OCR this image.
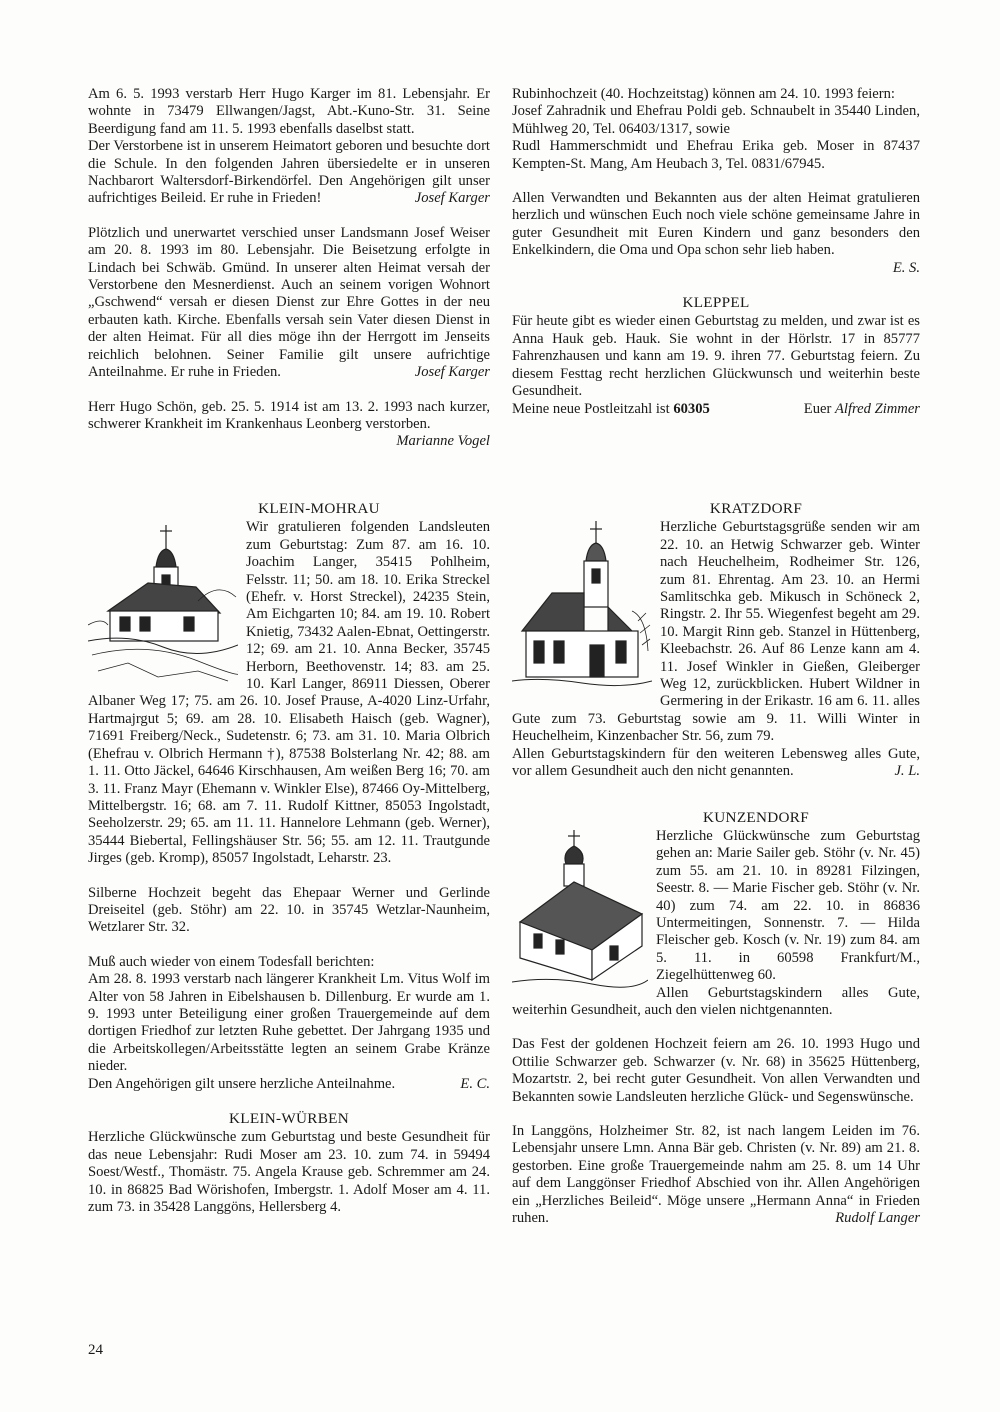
Am 6. 5. 1993 verstarb Herr Hugo Karger im 81. Lebensjahr. Er wohnte in 73479 Ellwangen/Jagst, Abt.-Kuno-Str. 31. Seine Beerdigung fand am 11. 5. 1993 ebenfalls daselbst statt.

Der Verstorbene ist in unserem Heimatort geboren und besuchte dort die Schule. In den folgenden Jahren übersiedelte er in unseren Nachbarort Waltersdorf-Birkendörfel. Den Angehörigen gilt unser aufrichtiges Beileid. Er ruhe in Frieden!	Josef Karger

Plötzlich und unerwartet verschied unser Landsmann Josef Weiser am 20. 8. 1993 im 80. Lebensjahr. Die Beisetzung erfolgte in Lindach bei Schwäb. Gmünd. In unserer alten Heimat versah der Verstorbene den Mesnerdienst. Auch an seinem vorigen Wohnort „Gschwend“ versah er diesen Dienst zur Ehre Gottes in der neu erbauten kath. Kirche. Ebenfalls versah sein Vater diesen Dienst in der alten Heimat. Für all dies möge ihn der Herrgott im Jenseits reichlich belohnen. Seiner Familie gilt unsere aufrichtige Anteilnahme. Er ruhe in Frieden.	Josef Karger

Herr Hugo Schön, geb. 25. 5. 1914 ist am 13. 2. 1993 nach kurzer, schwerer Krankheit im Krankenhaus Leonberg verstorben.

Marianne Vogel

KLEIN-MOHRAU

Wir gratulieren folgenden Landsleuten zum Geburtstag: Zum 87. am 16. 10. Joachim Langer, 35415 Pohlheim, Felsstr. 11; 50. am 18. 10. Erika Streckel (Ehefr. v. Horst Streckel), 24235 Stein, Am Eichgarten 10; 84. am 19. 10. Robert Knietig, 73432 Aalen-Ebnat, Oettingerstr. 12; 69. am 21. 10. Anna Becker, 35745 Herborn, Beethovenstr. 14; 83. am 25. 10. Karl Langer, 86911 Diessen, Oberer Albaner Weg 17; 75. am 26. 10. Josef Prause, A-4020 Linz-Urfahr, Hartmajrgut 5; 69. am 28. 10. Elisabeth Haisch (geb. Wagner), 71691 Freiberg/Neck., Sudetenstr. 6; 73. am 31. 10. Maria Olbrich (Ehefrau v. Olbrich Hermann †), 87538 Bolsterlang Nr. 42; 88. am 1. 11. Otto Jäckel, 64646 Kirschhausen, Am weißen Berg 16; 70. am 3. 11. Franz Mayr (Ehemann v. Winkler Else), 87466 Oy-Mittelberg, Mittelbergstr. 16; 68. am 7. 11. Rudolf Kittner, 85053 Ingolstadt, Seeholzerstr. 29; 65. am 11. 11. Hannelore Lehmann (geb. Werner), 35444 Biebertal, Fellingshäuser Str. 56; 55. am 12. 11. Trautgunde Jirges (geb. Kromp), 85057 Ingolstadt, Leharstr. 23.

Silberne Hochzeit begeht das Ehepaar Werner und Gerlinde Dreiseitel (geb. Stöhr) am 22. 10. in 35745 Wetzlar-Naunheim, Wetzlarer Str. 32.

Muß auch wieder von einem Todesfall berichten:

Am 28. 8. 1993 verstarb nach längerer Krankheit Lm. Vitus Wolf im Alter von 58 Jahren in Eibelshausen b. Dillenburg. Er wurde am 1. 9. 1993 unter Beteiligung einer großen Trauergemeinde auf dem dortigen Friedhof zur letzten Ruhe gebettet. Der Jahrgang 1935 und die Arbeitskollegen/Arbeitsstätte legten an seinem Grabe Kränze nieder.

Den Angehörigen gilt unsere herzliche Anteilnahme.	E. C.

KLEIN-WÜRBEN

Herzliche Glückwünsche zum Geburtstag und beste Gesundheit für das neue Lebensjahr: Rudi Moser am 23. 10. zum 74. in 59494 Soest/Westf., Thomästr. 75. Angela Krause geb. Schremmer am 24. 10. in 86825 Bad Wörishofen, Imbergstr. 1. Adolf Moser am 4. 11. zum 73. in 35428 Langgöns, Hellersberg 4.

Rubinhochzeit (40. Hochzeitstag) können am 24. 10. 1993 feiern:

Josef Zahradnik und Ehefrau Poldi geb. Schnaubelt in 35440 Linden, Mühlweg 20, Tel. 06403/1317, sowie

Rudl Hammerschmidt und Ehefrau Erika geb. Moser in 87437 Kempten-St. Mang, Am Heubach 3, Tel. 0831/67945.

Allen Verwandten und Bekannten aus der alten Heimat gratulieren herzlich und wünschen Euch noch viele schöne gemeinsame Jahre in guter Gesundheit mit Euren Kindern und ganz besonders den Enkelkindern, die Oma und Opa schon sehr lieb haben.

E. S.

KLEPPEL

Für heute gibt es wieder einen Geburtstag zu melden, und zwar ist es Anna Hauk geb. Hauk. Sie wohnt in der Hörlstr. 17 in 85777 Fahrenzhausen und kann am 19. 9. ihren 77. Geburtstag feiern. Zu diesem Festtag recht herzlichen Glückwunsch und weiterhin beste Gesundheit.

Meine neue Postleitzahl ist 60305	Euer Alfred Zimmer

KRATZDORF

Herzliche Geburtstagsgrüße senden wir am 22. 10. an Hetwig Schwarzer geb. Winter nach Heuchelheim, Rodheimer Str. 126, zum 81. Ehrentag. Am 23. 10. an Hermi Samlitschka geb. Mikusch in Schöneck 2, Ringstr. 2. Ihr 55. Wiegenfest begeht am 29. 10. Margit Rinn geb. Stanzel in Hüttenberg, Kleebachstr. 26. Auf 86 Lenze kann am 4. 11. Josef Winkler in Gießen, Gleiberger Weg 12, zurückblicken. Hubert Wildner in Germering in der Erikastr. 16 am 6. 11. alles Gute zum 73. Geburtstag sowie am 9. 11. Willi Winter in Heuchelheim, Kinzenbacher Str. 56, zum 79.

Allen Geburtstagskindern für den weiteren Lebensweg alles Gute, vor allem Gesundheit auch den nicht genannten.	J. L.

KUNZENDORF

Herzliche Glückwünsche zum Geburtstag gehen an: Marie Sailer geb. Stöhr (v. Nr. 45) zum 55. am 21. 10. in 89281 Filzingen, Seestr. 8. — Marie Fischer geb. Stöhr (v. Nr. 40) zum 74. am 22. 10. in 86836 Untermeitingen, Sonnenstr. 7. — Hilda Fleischer geb. Kosch (v. Nr. 19) zum 84. am 5. 11. in 60598 Frankfurt/M., Ziegelhüttenweg 60.

Allen Geburtstagskindern alles Gute, weiterhin Gesundheit, auch den vielen nichtgenannten.

Das Fest der goldenen Hochzeit feiern am 26. 10. 1993 Hugo und Ottilie Schwarzer geb. Schwarzer (v. Nr. 68) in 35625 Hüttenberg, Mozartstr. 2, bei recht guter Gesundheit. Von allen Verwandten und Bekannten sowie Landsleuten herzliche Glück- und Segenswünsche.

In Langgöns, Holzheimer Str. 82, ist nach langem Leiden im 76. Lebensjahr unsere Lmn. Anna Bär geb. Christen (v. Nr. 89) am 21. 8. gestorben. Eine große Trauergemeinde nahm am 25. 8. um 14 Uhr auf dem Langgönser Friedhof Abschied von ihr. Allen Angehörigen ein „Herzliches Beileid“. Möge unsere „Hermann Anna“ in Frieden ruhen.	Rudolf Langer

24
